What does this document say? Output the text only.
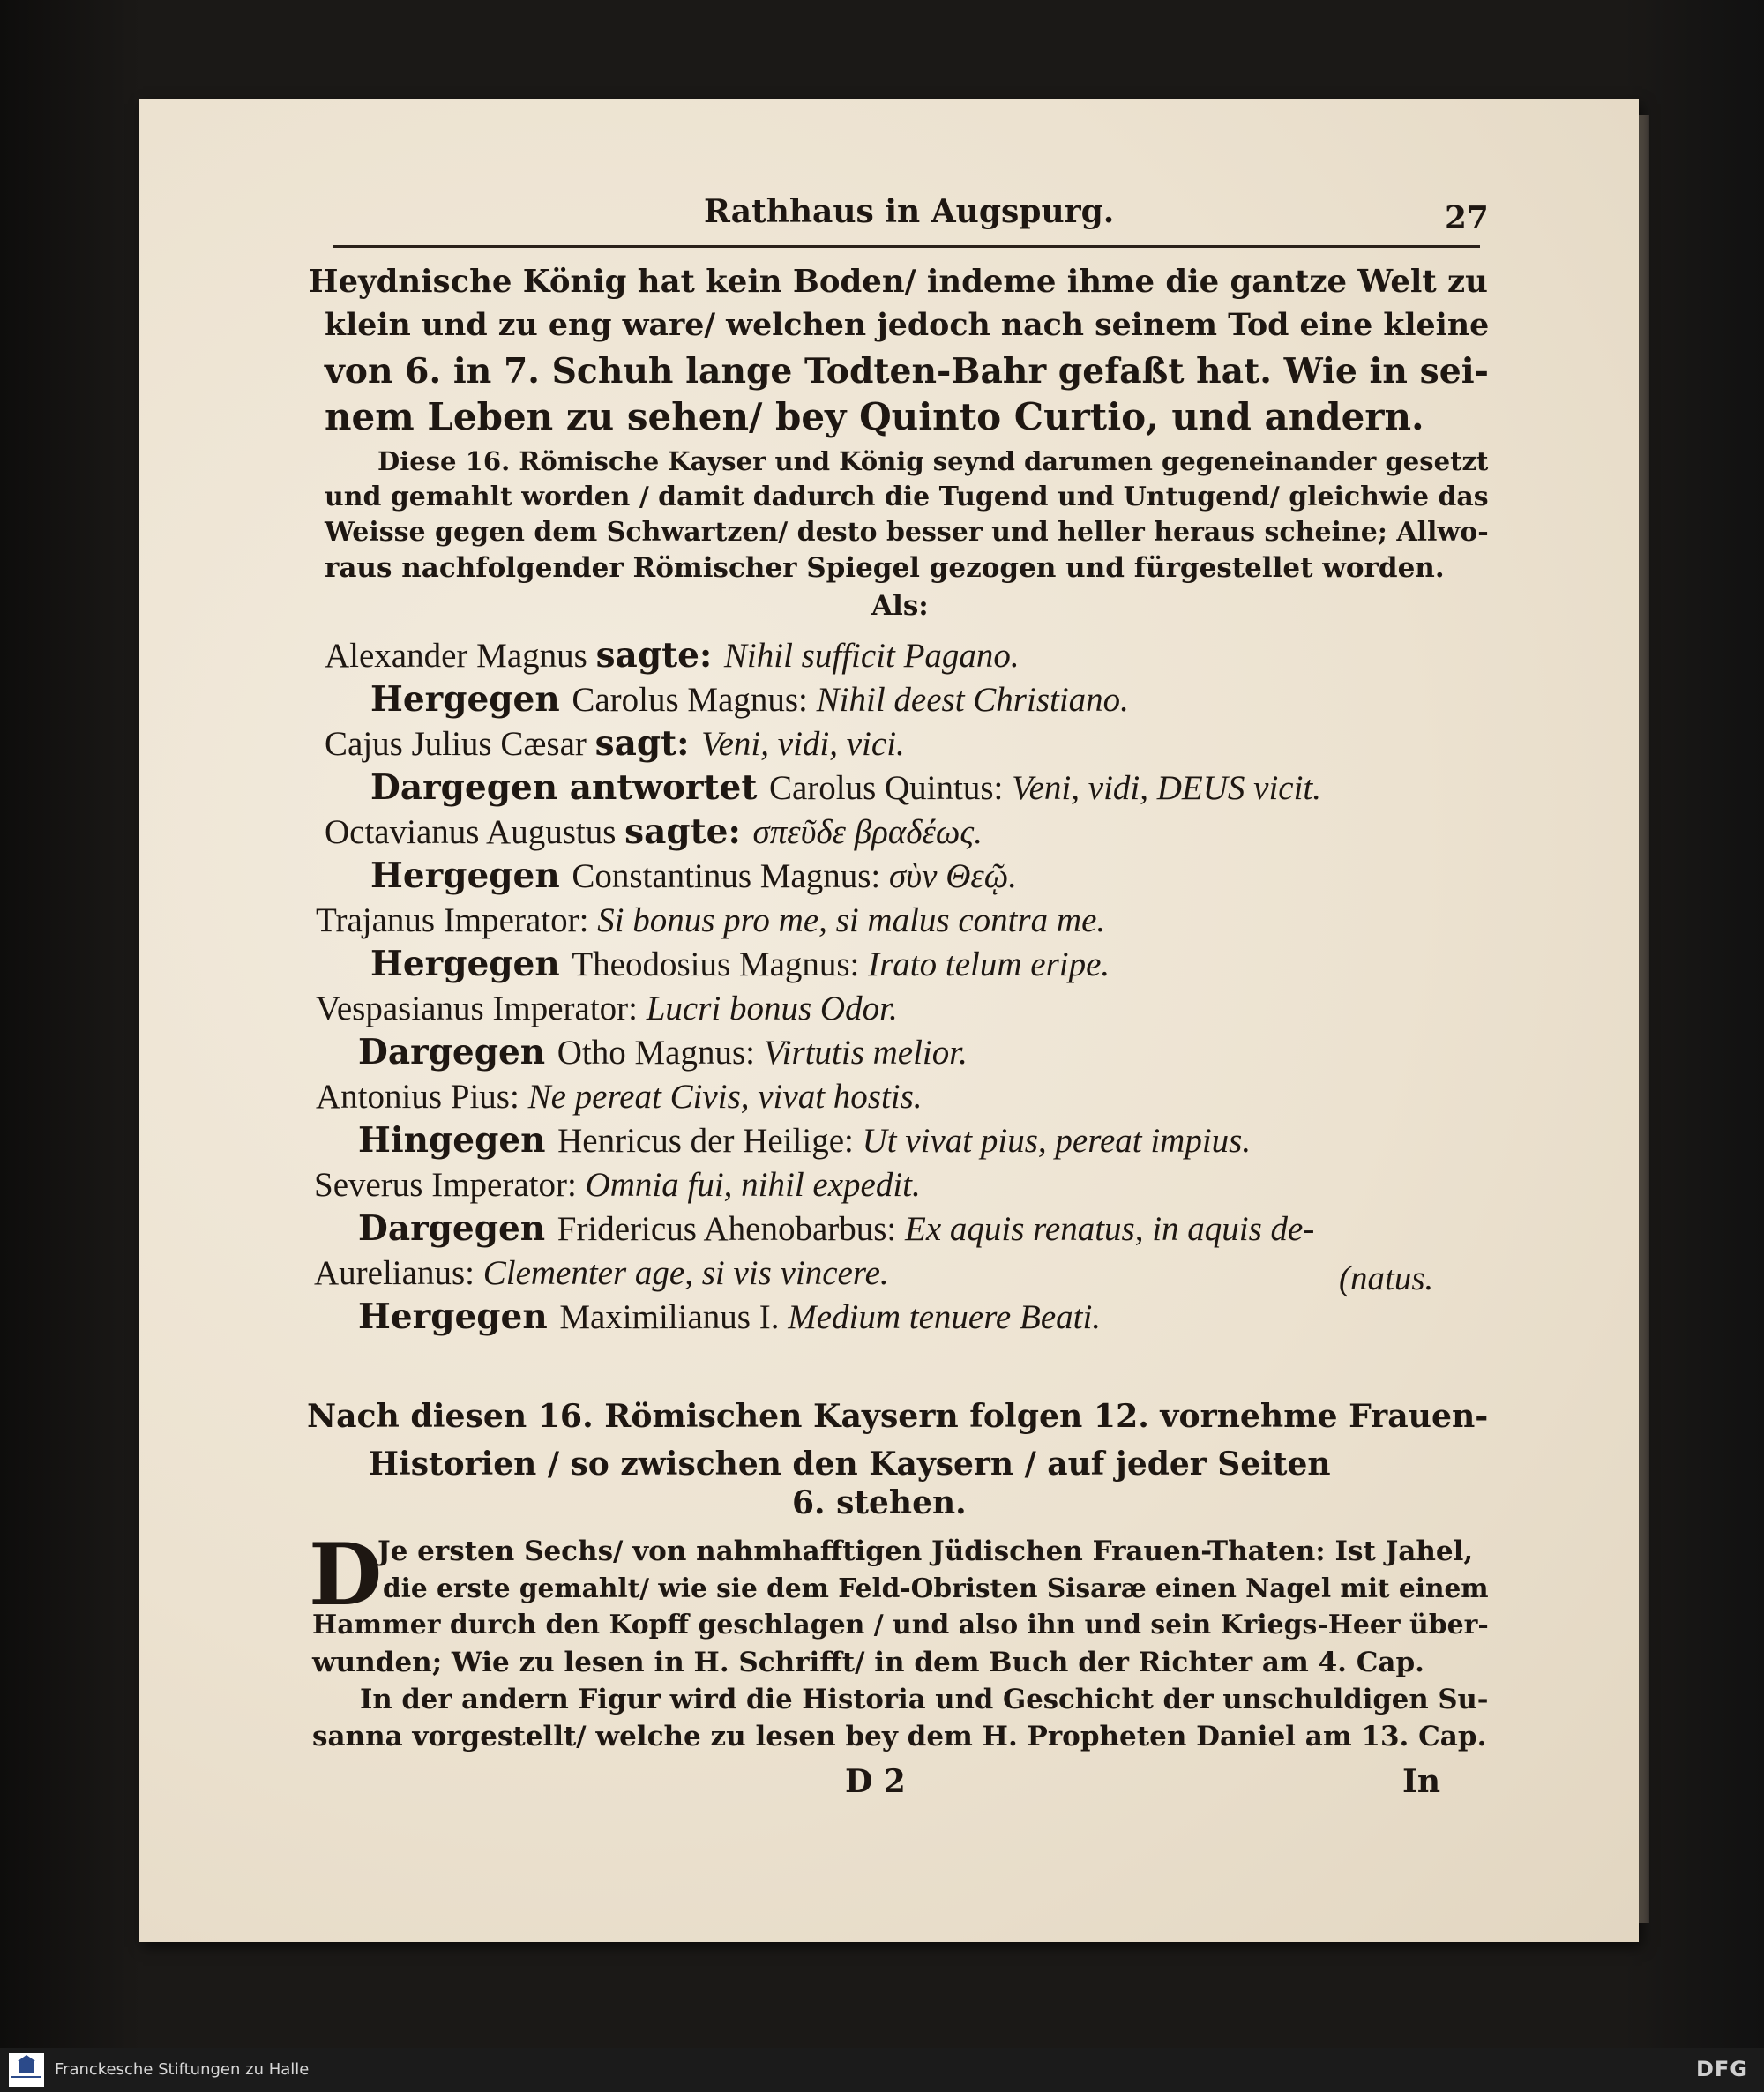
Rathhaus in Augspurg.	27
Heydnische König hat kein Boden/ indeme ihme die gantze Welt zu
klein und zu eng ware/ welchen jedoch nach seinem Tod eine kleine
von 6. in 7. Schuh lange Todten-Bahr gefaßt hat. Wie in sei-
nem Leben zu sehen/ bey Quinto Curtio, und andern.
Diese 16. Römische Kayser und König seynd darumen gegeneinander gesetzt
und gemahlt worden / damit dadurch die Tugend und Untugend/ gleichwie das
Weisse gegen dem Schwartzen/ desto besser und heller heraus scheine; Allwo-
raus nachfolgender Römischer Spiegel gezogen und fürgestellet worden.
Als:
Alexander Magnus sagte: Nihil sufficit Pagano.
Hergegen Carolus Magnus: Nihil deest Christiano.
Cajus Julius Cæsar sagt: Veni, vidi, vici.
Dargegen antwortet Carolus Quintus: Veni, vidi, DEUS vicit.
Octavianus Augustus sagte: σπεῦδε βραδέως.
Hergegen Constantinus Magnus: σὺν Θεῷ.
Trajanus Imperator: Si bonus pro me, si malus contra me.
Hergegen Theodosius Magnus: Irato telum eripe.
Vespasianus Imperator: Lucri bonus Odor.
Dargegen Otho Magnus: Virtutis melior.
Antonius Pius: Ne pereat Civis, vivat hostis.
Hingegen Henricus der Heilige: Ut vivat pius, pereat impius.
Severus Imperator: Omnia fui, nihil expedit.
Dargegen Fridericus Ahenobarbus: Ex aquis renatus, in aquis de-
Aurelianus: Clementer age, si vis vincere.	(natus.
Hergegen Maximilianus I. Medium tenuere Beati.
Nach diesen 16. Römischen Kaysern folgen 12. vornehme Frauen-
Historien / so zwischen den Kaysern / auf jeder Seiten
6. stehen.
D
Je ersten Sechs/ von nahmhafftigen Jüdischen Frauen-Thaten: Ist Jahel,
die erste gemahlt/ wie sie dem Feld-Obristen Sisaræ einen Nagel mit einem
Hammer durch den Kopff geschlagen / und also ihn und sein Kriegs-Heer über-
wunden; Wie zu lesen in H. Schrifft/ in dem Buch der Richter am 4. Cap.
In der andern Figur wird die Historia und Geschicht der unschuldigen Su-
sanna vorgestellt/ welche zu lesen bey dem H. Propheten Daniel am 13. Cap.
D 2	In
Franckesche Stiftungen zu Halle	DFG
